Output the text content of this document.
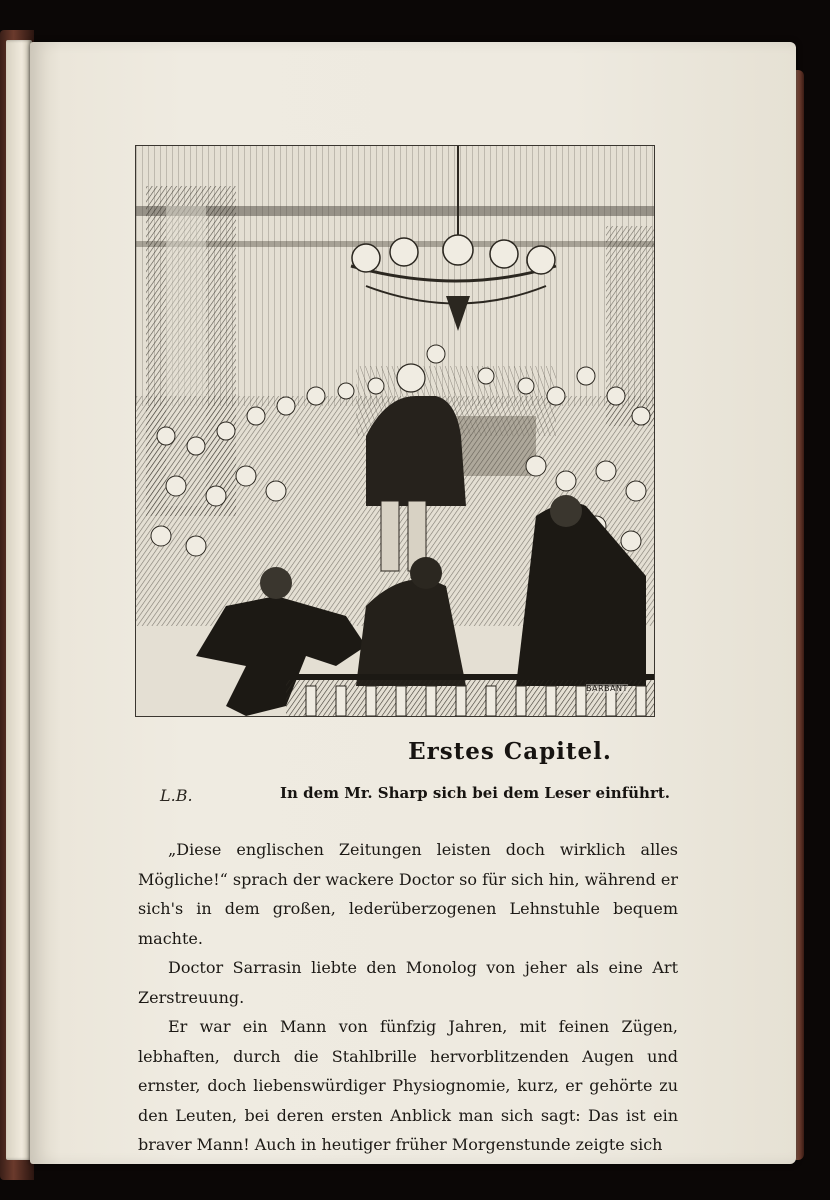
BARBANT
L.B.
Erstes Capitel.
In dem Mr. Sharp sich bei dem Leser einführt.

„Diese englischen Zeitungen leisten doch wirklich alles Mögliche!“ sprach der wackere Doctor so für sich hin, während er sich's in dem großen, lederüberzogenen Lehnstuhle bequem machte.

Doctor Sarrasin liebte den Monolog von jeher als eine Art Zerstreuung.

Er war ein Mann von fünfzig Jahren, mit feinen Zügen, lebhaften, durch die Stahlbrille hervorblitzenden Augen und ernster, doch liebenswürdiger Physiognomie, kurz, er gehörte zu den Leuten, bei deren ersten Anblick man sich sagt: Das ist ein braver Mann! Auch in heutiger früher Morgenstunde zeigte sich
